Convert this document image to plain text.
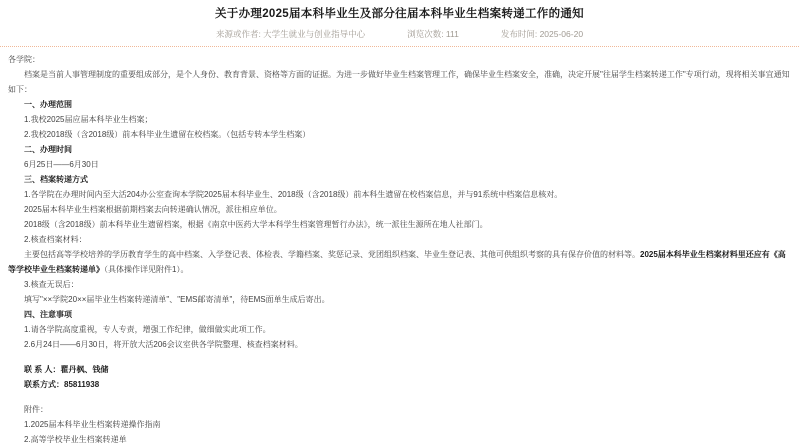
关于办理2025届本科毕业生及部分往届本科毕业生档案转递工作的通知
来源或作者: 大学生就业与创业指导中心	浏览次数: 111	发布时间: 2025-06-20

各学院：

档案是当前人事管理制度的重要组成部分，是个人身份、教育背景、资格等方面的证据。为进一步做好毕业生档案管理工作，确保毕业生档案安全，准确，决定开展"往届学生档案转递工作"专项行动，现将相关事宜通知如下：

一、办理范围

1.我校2025届应届本科毕业生档案；

2.我校2018级（含2018级）前本科毕业生遗留在校档案。（包括专转本学生档案）

二、办理时间

6月25日——6月30日

三、档案转递方式

1.各学院在办理时间内至大活204办公室查询本学院2025届本科毕业生、2018级（含2018级）前本科生遗留在校档案信息，并与91系统中档案信息核对。

2025届本科毕业生档案根据前期档案去向转递确认情况，派往相应单位。

2018级（含2018级）前本科毕业生遗留档案，根据《南京中医药大学本科学生档案管理暂行办法》，统一派往生源所在地人社部门。

2.核查档案材料：

主要包括高等学校培养的学历教育学生的高中档案、入学登记表、体检表、学籍档案、奖惩记录、党团组织档案、毕业生登记表、其他可供组织考察的具有保存价值的材料等。2025届本科毕业生档案材料里还应有《高等学校毕业生档案转递单》（具体操作详见附件1）。

3.核查无误后：

填写"××学院20××届毕业生档案转递清单"、"EMS邮寄清单"，待EMS面单生成后寄出。

四、注意事项

1.请各学院高度重视，专人专责，增强工作纪律，做细做实此项工作。

2.6月24日——6月30日，将开放大活206会议室供各学院整理、核查档案材料。

联 系 人：瞿丹枫、钱储

联系方式：85811938

附件：

1.2025届本科毕业生档案转递操作指南

2.高等学校毕业生档案转递单
